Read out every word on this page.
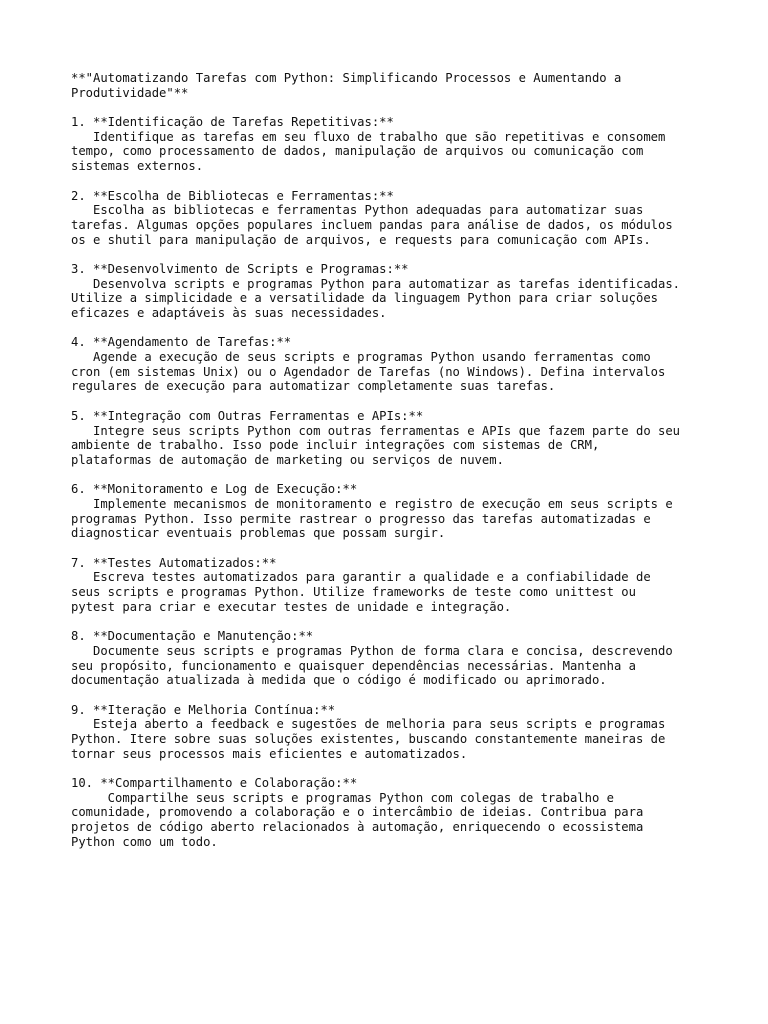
**"Automatizando Tarefas com Python: Simplificando Processos e Aumentando a
Produtividade"**
1. **Identificação de Tarefas Repetitivas:**
Identifique as tarefas em seu fluxo de trabalho que são repetitivas e consomem
tempo, como processamento de dados, manipulação de arquivos ou comunicação com
sistemas externos.
2. **Escolha de Bibliotecas e Ferramentas:**
Escolha as bibliotecas e ferramentas Python adequadas para automatizar suas
tarefas. Algumas opções populares incluem pandas para análise de dados, os módulos
os e shutil para manipulação de arquivos, e requests para comunicação com APIs.
3. **Desenvolvimento de Scripts e Programas:**
Desenvolva scripts e programas Python para automatizar as tarefas identificadas.
Utilize a simplicidade e a versatilidade da linguagem Python para criar soluções
eficazes e adaptáveis às suas necessidades.
4. **Agendamento de Tarefas:**
Agende a execução de seus scripts e programas Python usando ferramentas como
cron (em sistemas Unix) ou o Agendador de Tarefas (no Windows). Defina intervalos
regulares de execução para automatizar completamente suas tarefas.
5. **Integração com Outras Ferramentas e APIs:**
Integre seus scripts Python com outras ferramentas e APIs que fazem parte do seu
ambiente de trabalho. Isso pode incluir integrações com sistemas de CRM,
plataformas de automação de marketing ou serviços de nuvem.
6. **Monitoramento e Log de Execução:**
Implemente mecanismos de monitoramento e registro de execução em seus scripts e
programas Python. Isso permite rastrear o progresso das tarefas automatizadas e
diagnosticar eventuais problemas que possam surgir.
7. **Testes Automatizados:**
Escreva testes automatizados para garantir a qualidade e a confiabilidade de
seus scripts e programas Python. Utilize frameworks de teste como unittest ou
pytest para criar e executar testes de unidade e integração.
8. **Documentação e Manutenção:**
Documente seus scripts e programas Python de forma clara e concisa, descrevendo
seu propósito, funcionamento e quaisquer dependências necessárias. Mantenha a
documentação atualizada à medida que o código é modificado ou aprimorado.
9. **Iteração e Melhoria Contínua:**
Esteja aberto a feedback e sugestões de melhoria para seus scripts e programas
Python. Itere sobre suas soluções existentes, buscando constantemente maneiras de
tornar seus processos mais eficientes e automatizados.
10. **Compartilhamento e Colaboração:**
Compartilhe seus scripts e programas Python com colegas de trabalho e
comunidade, promovendo a colaboração e o intercâmbio de ideias. Contribua para
projetos de código aberto relacionados à automação, enriquecendo o ecossistema
Python como um todo.
